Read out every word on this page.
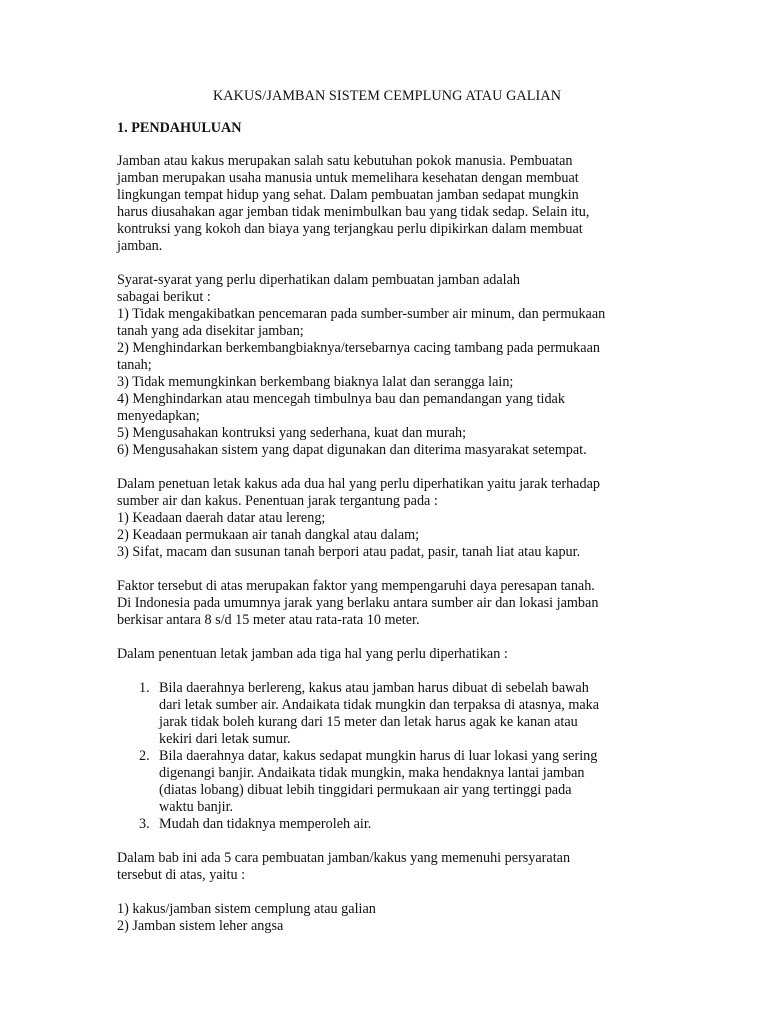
KAKUS/JAMBAN SISTEM CEMPLUNG ATAU GALIAN
1. PENDAHULUAN
Jamban atau kakus merupakan salah satu kebutuhan pokok manusia. Pembuatan
jamban merupakan usaha manusia untuk memelihara kesehatan dengan membuat
lingkungan tempat hidup yang sehat. Dalam pembuatan jamban sedapat mungkin
harus diusahakan agar jemban tidak menimbulkan bau yang tidak sedap. Selain itu,
kontruksi yang kokoh dan biaya yang terjangkau perlu dipikirkan dalam membuat
jamban.
Syarat-syarat yang perlu diperhatikan dalam pembuatan jamban adalah
sabagai berikut :
1) Tidak mengakibatkan pencemaran pada sumber-sumber air minum, dan permukaan
tanah yang ada disekitar jamban;
2) Menghindarkan berkembangbiaknya/tersebarnya cacing tambang pada permukaan
tanah;
3) Tidak memungkinkan berkembang biaknya lalat dan serangga lain;
4) Menghindarkan atau mencegah timbulnya bau dan pemandangan yang tidak
menyedapkan;
5) Mengusahakan kontruksi yang sederhana, kuat dan murah;
6) Mengusahakan sistem yang dapat digunakan dan diterima masyarakat setempat.
Dalam penetuan letak kakus ada dua hal yang perlu diperhatikan yaitu jarak terhadap
sumber air dan kakus. Penentuan jarak tergantung pada :
1) Keadaan daerah datar atau lereng;
2) Keadaan permukaan air tanah dangkal atau dalam;
3) Sifat, macam dan susunan tanah berpori atau padat, pasir, tanah liat atau kapur.
Faktor tersebut di atas merupakan faktor yang mempengaruhi daya peresapan tanah.
Di Indonesia pada umumnya jarak yang berlaku antara sumber air dan lokasi jamban
berkisar antara 8 s/d 15 meter atau rata-rata 10 meter.
Dalam penentuan letak jamban ada tiga hal yang perlu diperhatikan :
1. Bila daerahnya berlereng, kakus atau jamban harus dibuat di sebelah bawah
dari letak sumber air. Andaikata tidak mungkin dan terpaksa di atasnya, maka
jarak tidak boleh kurang dari 15 meter dan letak harus agak ke kanan atau
kekiri dari letak sumur.
2. Bila daerahnya datar, kakus sedapat mungkin harus di luar lokasi yang sering
digenangi banjir. Andaikata tidak mungkin, maka hendaknya lantai jamban
(diatas lobang) dibuat lebih tinggidari permukaan air yang tertinggi pada
waktu banjir.
3. Mudah dan tidaknya memperoleh air.
Dalam bab ini ada 5 cara pembuatan jamban/kakus yang memenuhi persyaratan
tersebut di atas, yaitu :
1) kakus/jamban sistem cemplung atau galian
2) Jamban sistem leher angsa
